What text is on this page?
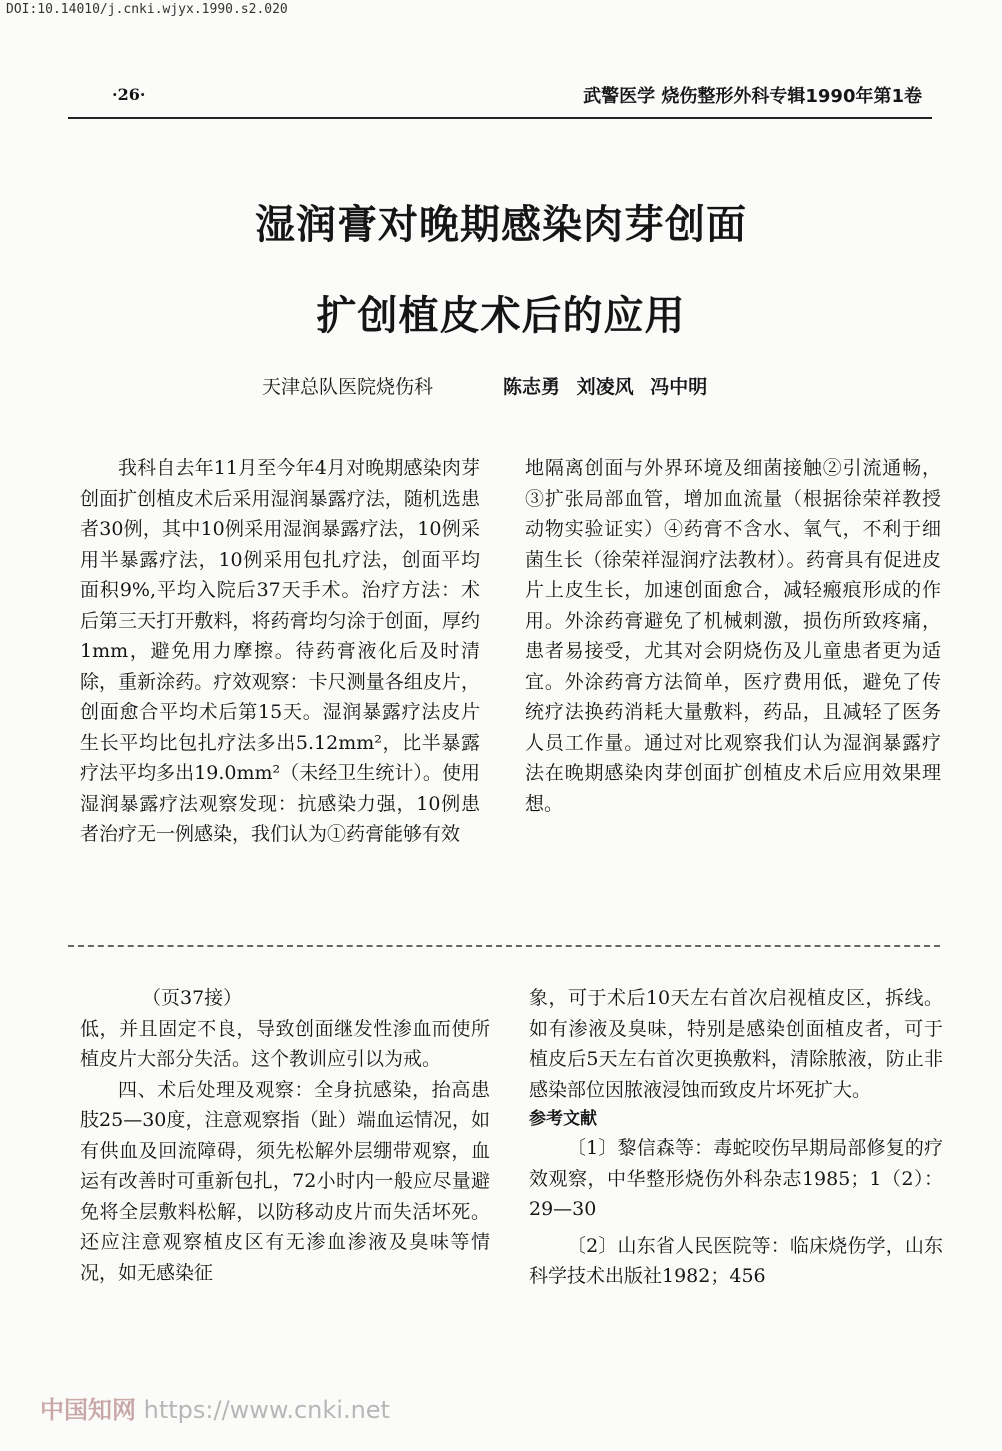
DOI:10.14010/j.cnki.wjyx.1990.s2.020
·26·	武警医学 烧伤整形外科专辑1990年第1卷
湿润膏对晚期感染肉芽创面
扩创植皮术后的应用
天津总队医院烧伤科	陈志勇 刘凌风 冯中明

我科自去年11月至今年4月对晚期感染肉芽创面扩创植皮术后采用湿润暴露疗法，随机选患者30例，其中10例采用湿润暴露疗法，10例采用半暴露疗法，10例采用包扎疗法，创面平均面积9%,平均入院后37天手术。治疗方法：术后第三天打开敷料，将药膏均匀涂于创面，厚约1mm，避免用力摩擦。待药膏液化后及时清除，重新涂药。疗效观察：卡尺测量各组皮片，创面愈合平均术后第15天。湿润暴露疗法皮片生长平均比包扎疗法多出5.12mm²，比半暴露疗法平均多出19.0mm²（未经卫生统计）。使用湿润暴露疗法观察发现：抗感染力强，10例患者治疗无一例感染，我们认为①药膏能够有效

地隔离创面与外界环境及细菌接触②引流通畅，③扩张局部血管，增加血流量（根据徐荣祥教授动物实验证实）④药膏不含水、氧气，不利于细菌生长（徐荣祥湿润疗法教材）。药膏具有促进皮片上皮生长，加速创面愈合，减轻瘢痕形成的作用。外涂药膏避免了机械刺激，损伤所致疼痛，患者易接受，尤其对会阴烧伤及儿童患者更为适宜。外涂药膏方法简单，医疗费用低，避免了传统疗法换药消耗大量敷料，药品，且减轻了医务人员工作量。通过对比观察我们认为湿润暴露疗法在晚期感染肉芽创面扩创植皮术后应用效果理想。

（页37接）

低，并且固定不良，导致创面继发性渗血而使所植皮片大部分失活。这个教训应引以为戒。

四、术后处理及观察：全身抗感染，抬高患肢25—30度，注意观察指（趾）端血运情况，如有供血及回流障碍，须先松解外层绷带观察，血运有改善时可重新包扎，72小时内一般应尽量避免将全层敷料松解，以防移动皮片而失活坏死。还应注意观察植皮区有无渗血渗液及臭味等情况，如无感染征

象，可于术后10天左右首次启视植皮区，拆线。如有渗液及臭味，特别是感染创面植皮者，可于植皮后5天左右首次更换敷料，清除脓液，防止非感染部位因脓液浸蚀而致皮片坏死扩大。

参考文献

〔1〕黎信森等：毒蛇咬伤早期局部修复的疗效观察，中华整形烧伤外科杂志1985；1（2）：29—30

〔2〕山东省人民医院等：临床烧伤学，山东科学技术出版社1982；456

中国知网 https://www.cnki.net
